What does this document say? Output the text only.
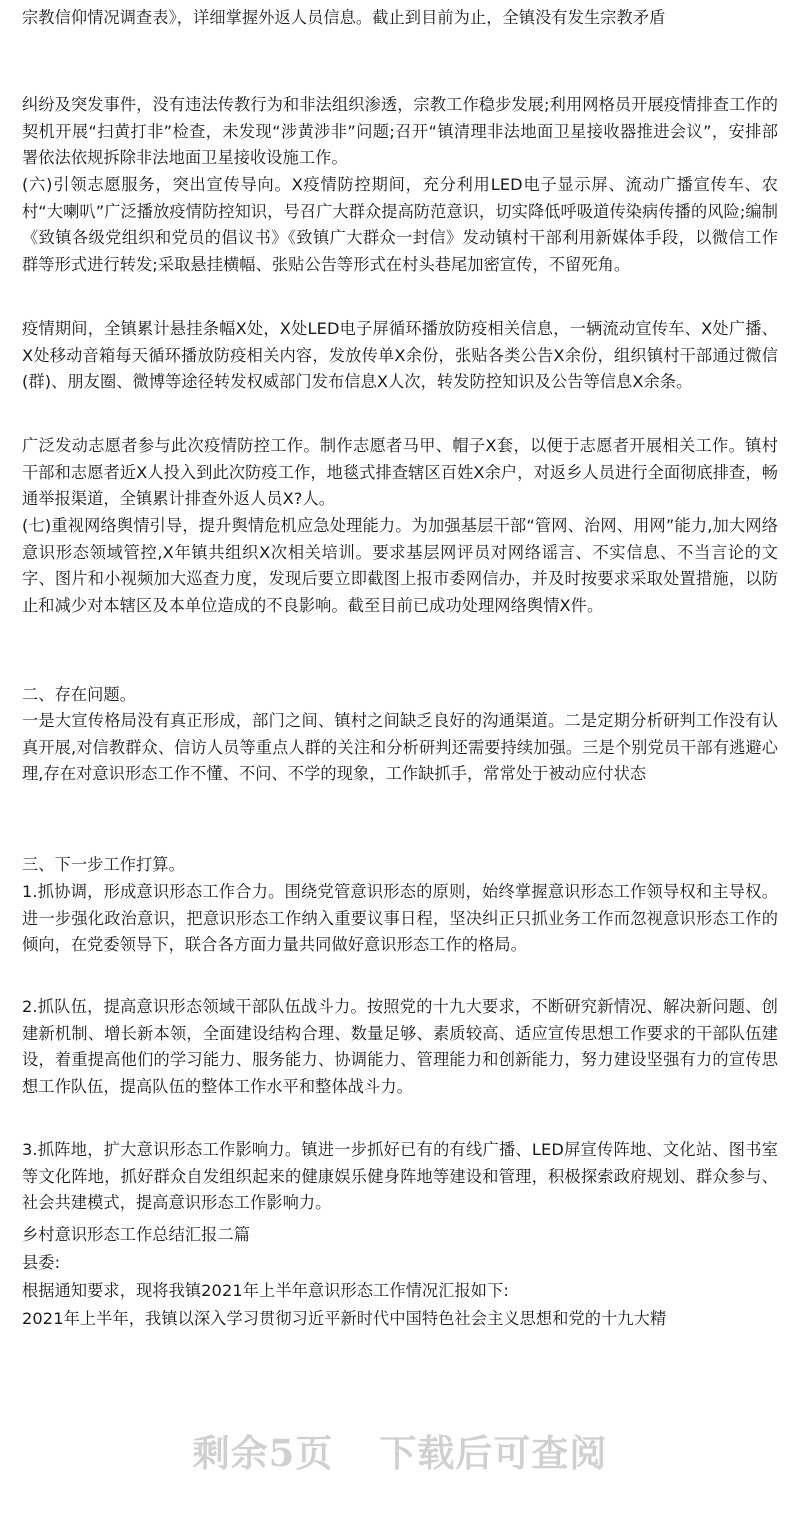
宗教信仰情况调查表》，详细掌握外返人员信息。截止到目前为止，全镇没有发生宗教矛盾

纠纷及突发事件，没有违法传教行为和非法组织渗透，宗教工作稳步发展;利用网格员开展疫情排查工作的契机开展“扫黄打非”检查，未发现“涉黄涉非”问题;召开“镇清理非法地面卫星接收器推进会议”，安排部署依法依规拆除非法地面卫星接收设施工作。

(六)引领志愿服务，突出宣传导向。X疫情防控期间，充分利用LED电子显示屏、流动广播宣传车、农村“大喇叭”广泛播放疫情防控知识，号召广大群众提高防范意识，切实降低呼吸道传染病传播的风险;编制《致镇各级党组织和党员的倡议书》《致镇广大群众一封信》发动镇村干部利用新媒体手段，以微信工作群等形式进行转发;采取悬挂横幅、张贴公告等形式在村头巷尾加密宣传，不留死角。

疫情期间，全镇累计悬挂条幅X处，X处LED电子屏循环播放防疫相关信息，一辆流动宣传车、X处广播、X处移动音箱每天循环播放防疫相关内容，发放传单X余份，张贴各类公告X余份，组织镇村干部通过微信(群)、朋友圈、微博等途径转发权威部门发布信息X人次，转发防控知识及公告等信息X余条。

广泛发动志愿者参与此次疫情防控工作。制作志愿者马甲、帽子X套，以便于志愿者开展相关工作。镇村干部和志愿者近X人投入到此次防疫工作，地毯式排查辖区百姓X余户，对返乡人员进行全面彻底排查，畅通举报渠道，全镇累计排查外返人员X?人。

(七)重视网络舆情引导，提升舆情危机应急处理能力。为加强基层干部“管网、治网、用网”能力,加大网络意识形态领域管控,X年镇共组织X次相关培训。要求基层网评员对网络谣言、不实信息、不当言论的文字、图片和小视频加大巡查力度，发现后要立即截图上报市委网信办，并及时按要求采取处置措施，以防止和减少对本辖区及本单位造成的不良影响。截至目前已成功处理网络舆情X件。

二、存在问题。

一是大宣传格局没有真正形成，部门之间、镇村之间缺乏良好的沟通渠道。二是定期分析研判工作没有认真开展,对信教群众、信访人员等重点人群的关注和分析研判还需要持续加强。三是个别党员干部有逃避心理,存在对意识形态工作不懂、不问、不学的现象，工作缺抓手，常常处于被动应付状态

三、下一步工作打算。

1.抓协调，形成意识形态工作合力。围绕党管意识形态的原则，始终掌握意识形态工作领导权和主导权。进一步强化政治意识，把意识形态工作纳入重要议事日程，坚决纠正只抓业务工作而忽视意识形态工作的倾向，在党委领导下，联合各方面力量共同做好意识形态工作的格局。

2.抓队伍，提高意识形态领域干部队伍战斗力。按照党的十九大要求，不断研究新情况、解决新问题、创建新机制、增长新本领，全面建设结构合理、数量足够、素质较高、适应宣传思想工作要求的干部队伍建设，着重提高他们的学习能力、服务能力、协调能力、管理能力和创新能力，努力建设坚强有力的宣传思想工作队伍，提高队伍的整体工作水平和整体战斗力。

3.抓阵地，扩大意识形态工作影响力。镇进一步抓好已有的有线广播、LED屏宣传阵地、文化站、图书室等文化阵地，抓好群众自发组织起来的健康娱乐健身阵地等建设和管理，积极探索政府规划、群众参与、社会共建模式，提高意识形态工作影响力。

乡村意识形态工作总结汇报二篇

县委:

根据通知要求，现将我镇2021年上半年意识形态工作情况汇报如下:

2021年上半年，我镇以深入学习贯彻习近平新时代中国特色社会主义思想和党的十九大精

剩余5页 下载后可查阅
